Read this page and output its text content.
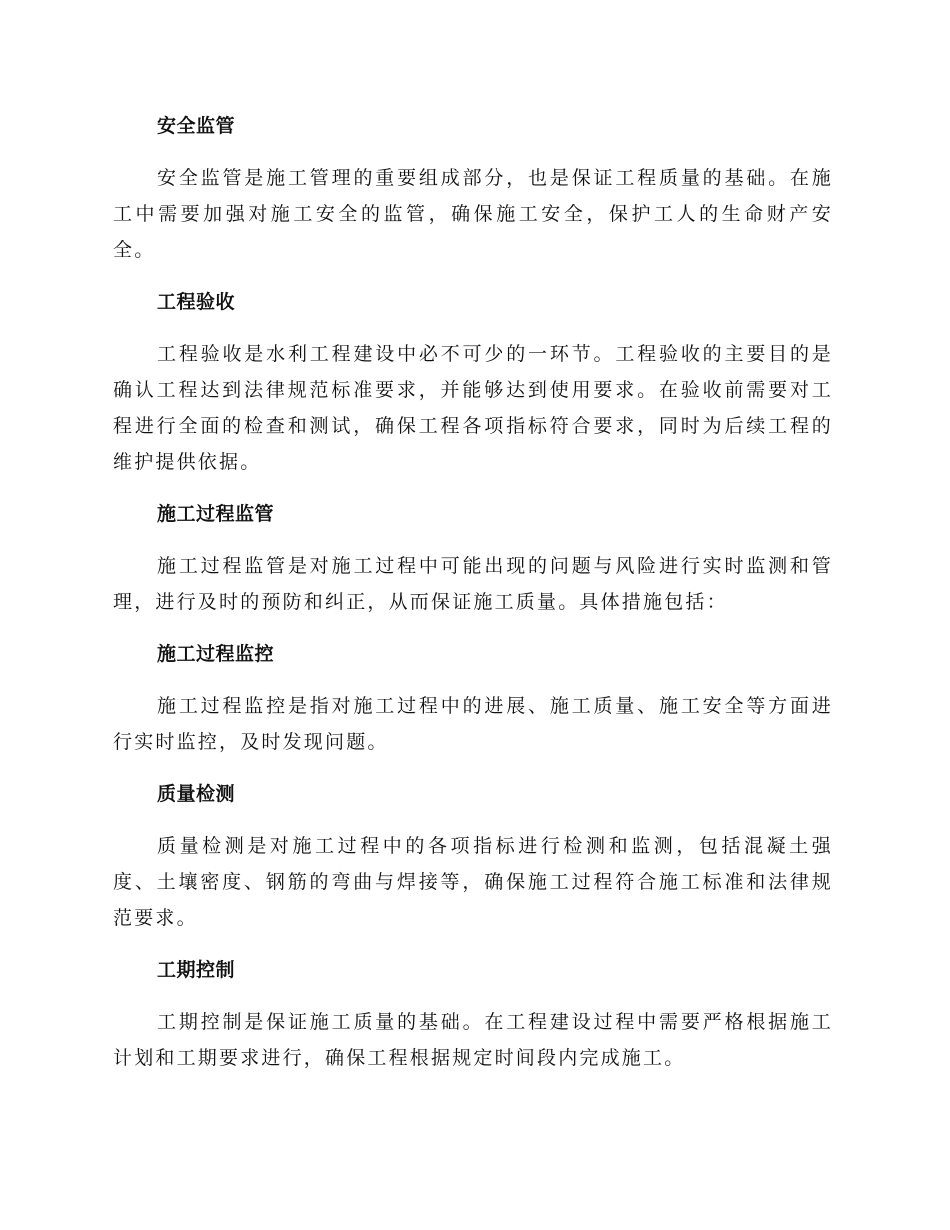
安全监管

安全监管是施工管理的重要组成部分，也是保证工程质量的基础。在施工中需要加强对施工安全的监管，确保施工安全，保护工人的生命财产安全。

工程验收

工程验收是水利工程建设中必不可少的一环节。工程验收的主要目的是确认工程达到法律规范标准要求，并能够达到使用要求。在验收前需要对工程进行全面的检查和测试，确保工程各项指标符合要求，同时为后续工程的维护提供依据。

施工过程监管

施工过程监管是对施工过程中可能出现的问题与风险进行实时监测和管理，进行及时的预防和纠正，从而保证施工质量。具体措施包括：

施工过程监控

施工过程监控是指对施工过程中的进展、施工质量、施工安全等方面进行实时监控，及时发现问题。

质量检测

质量检测是对施工过程中的各项指标进行检测和监测，包括混凝土强度、土壤密度、钢筋的弯曲与焊接等，确保施工过程符合施工标准和法律规范要求。

工期控制

工期控制是保证施工质量的基础。在工程建设过程中需要严格根据施工计划和工期要求进行，确保工程根据规定时间段内完成施工。
